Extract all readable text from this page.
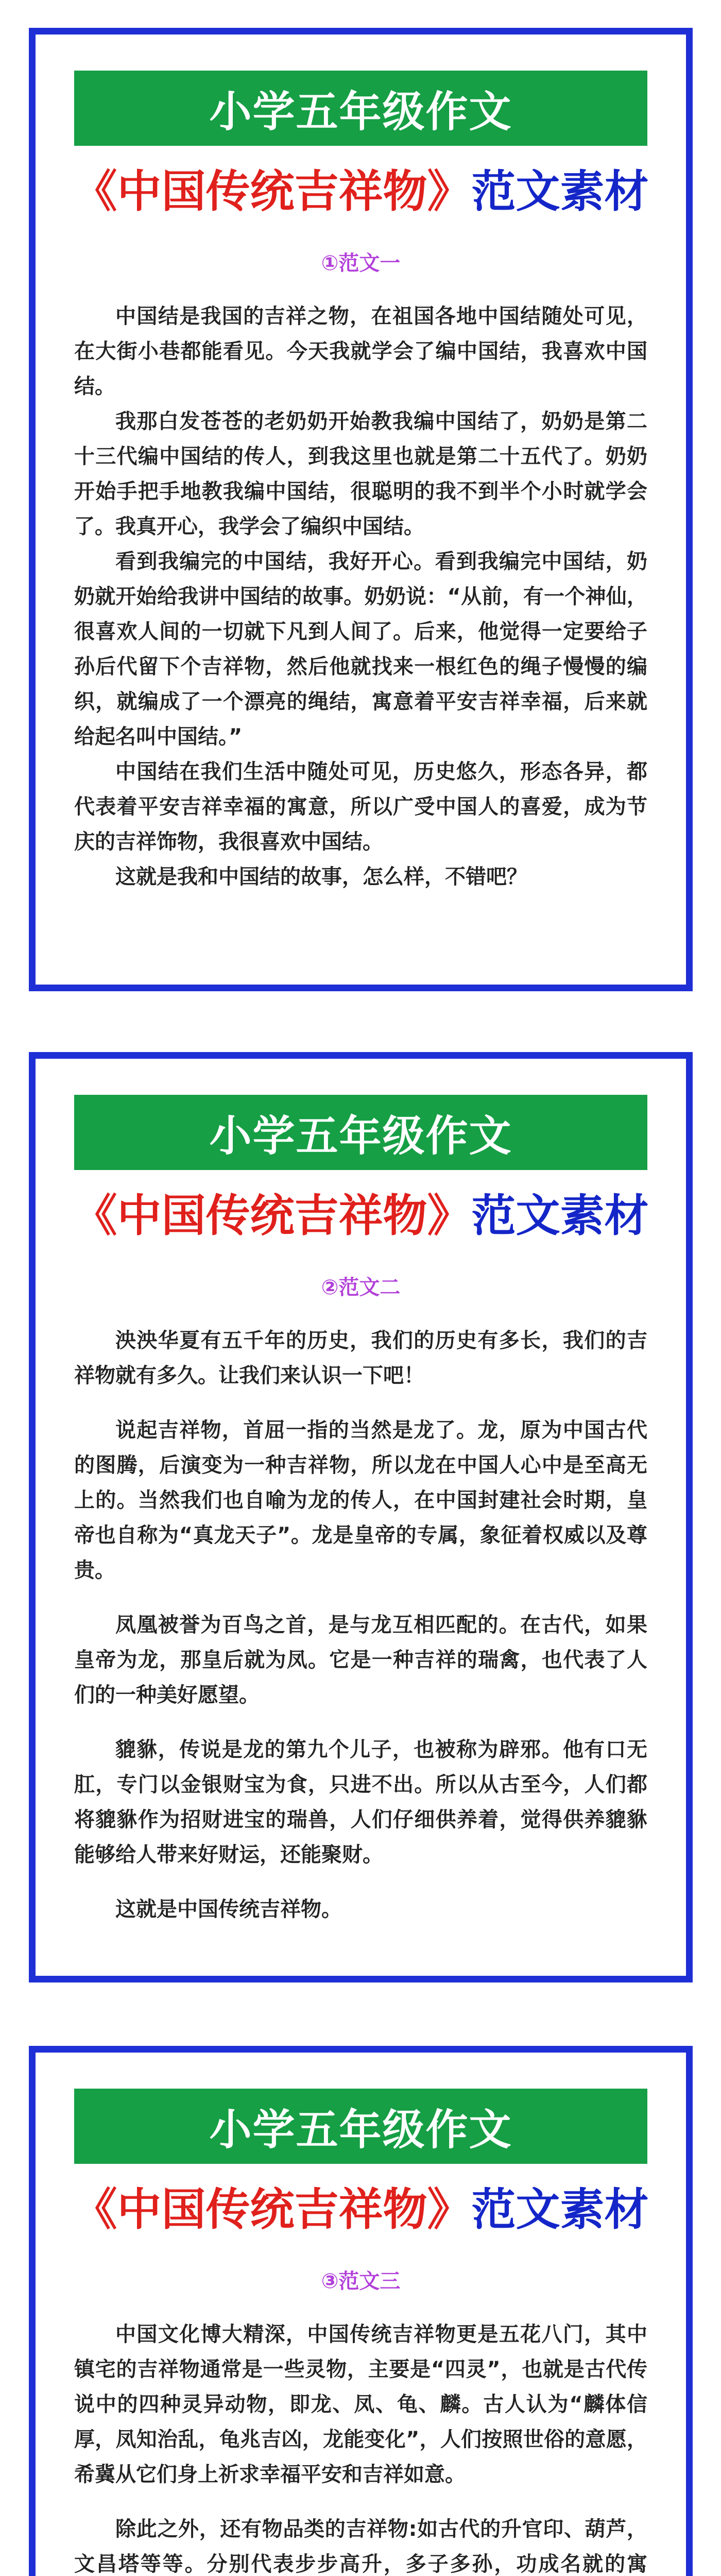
小学五年级作文
《中国传统吉祥物》范文素材
①范文一

中国结是我国的吉祥之物，在祖国各地中国结随处可见，在大街小巷都能看见。今天我就学会了编中国结，我喜欢中国结。

我那白发苍苍的老奶奶开始教我编中国结了，奶奶是第二十三代编中国结的传人，到我这里也就是第二十五代了。奶奶开始手把手地教我编中国结，很聪明的我不到半个小时就学会了。我真开心，我学会了编织中国结。

看到我编完的中国结，我好开心。看到我编完中国结，奶奶就开始给我讲中国结的故事。奶奶说：“从前，有一个神仙，很喜欢人间的一切就下凡到人间了。后来，他觉得一定要给子孙后代留下个吉祥物，然后他就找来一根红色的绳子慢慢的编织，就编成了一个漂亮的绳结，寓意着平安吉祥幸福，后来就给起名叫中国结。”

中国结在我们生活中随处可见，历史悠久，形态各异，都代表着平安吉祥幸福的寓意，所以广受中国人的喜爱，成为节庆的吉祥饰物，我很喜欢中国结。

这就是我和中国结的故事，怎么样，不错吧？

小学五年级作文
《中国传统吉祥物》范文素材
②范文二

泱泱华夏有五千年的历史，我们的历史有多长，我们的吉祥物就有多久。让我们来认识一下吧！

说起吉祥物，首屈一指的当然是龙了。龙，原为中国古代的图腾，后演变为一种吉祥物，所以龙在中国人心中是至高无上的。当然我们也自喻为龙的传人，在中国封建社会时期，皇帝也自称为“真龙天子”。龙是皇帝的专属，象征着权威以及尊贵。

凤凰被誉为百鸟之首，是与龙互相匹配的。在古代，如果皇帝为龙，那皇后就为凤。它是一种吉祥的瑞禽，也代表了人们的一种美好愿望。

貔貅，传说是龙的第九个儿子，也被称为辟邪。他有口无肛，专门以金银财宝为食，只进不出。所以从古至今，人们都将貔貅作为招财进宝的瑞兽，人们仔细供养着，觉得供养貔貅能够给人带来好财运，还能聚财。

这就是中国传统吉祥物。

小学五年级作文
《中国传统吉祥物》范文素材
③范文三

中国文化博大精深，中国传统吉祥物更是五花八门，其中镇宅的吉祥物通常是一些灵物，主要是“四灵”，也就是古代传说中的四种灵异动物，即龙、凤、龟、麟。古人认为“麟体信厚，凤知治乱，龟兆吉凶，龙能变化”，人们按照世俗的意愿，希冀从它们身上祈求幸福平安和吉祥如意。

除此之外，还有物品类的吉祥物:如古代的升官印、葫芦，文昌塔等等。分别代表步步高升，多子多孙，功成名就的寓
